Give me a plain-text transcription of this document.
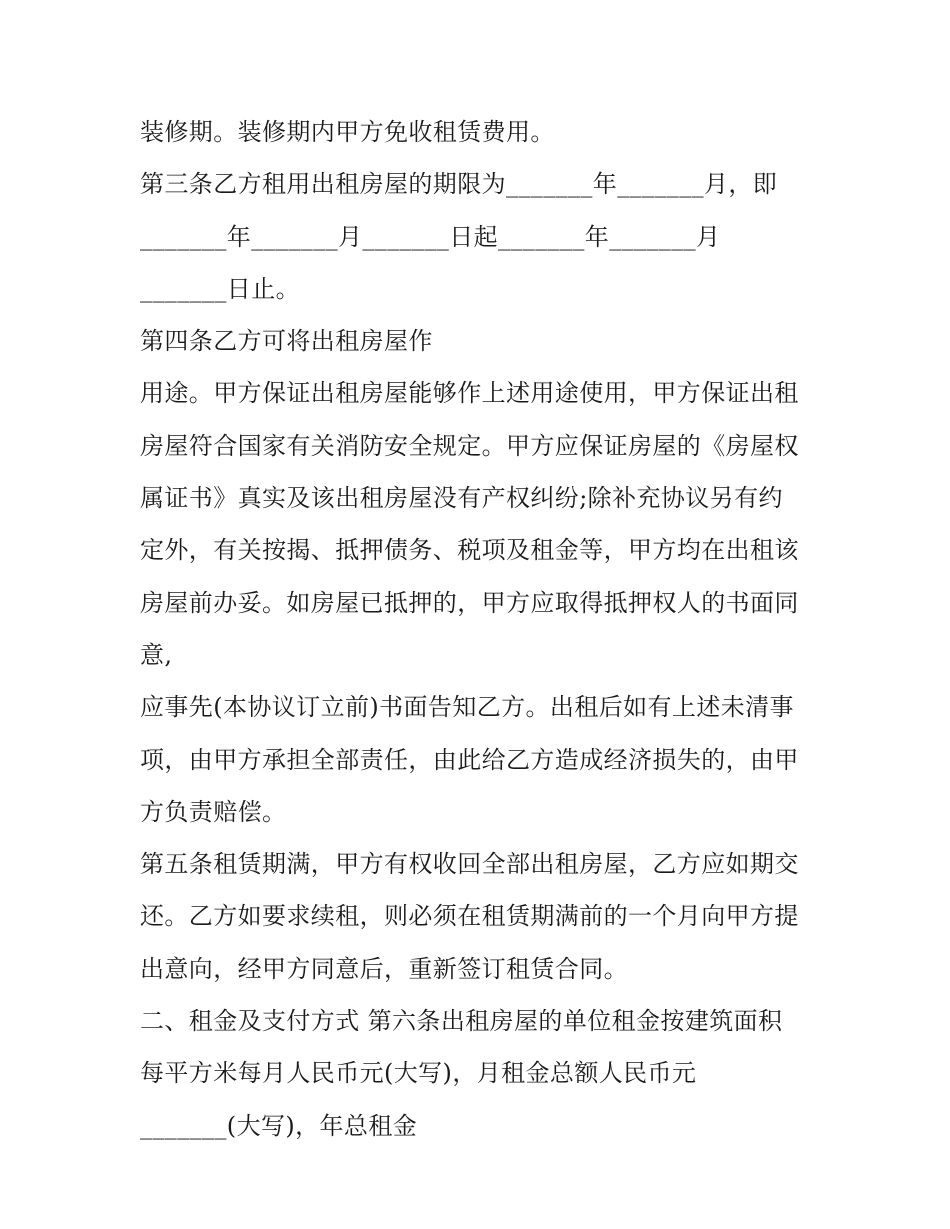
装修期。装修期内甲方免收租赁费用。
第三条乙方租用出租房屋的期限为_______年_______月，即
_______年_______月_______日起_______年_______月
_______日止。
第四条乙方可将出租房屋作
用途。甲方保证出租房屋能够作上述用途使用，甲方保证出租
房屋符合国家有关消防安全规定。甲方应保证房屋的《房屋权
属证书》真实及该出租房屋没有产权纠纷;除补充协议另有约
定外，有关按揭、抵押债务、税项及租金等，甲方均在出租该
房屋前办妥。如房屋已抵押的，甲方应取得抵押权人的书面同
意,
应事先(本协议订立前)书面告知乙方。出租后如有上述未清事
项，由甲方承担全部责任，由此给乙方造成经济损失的，由甲
方负责赔偿。
第五条租赁期满，甲方有权收回全部出租房屋，乙方应如期交
还。乙方如要求续租，则必须在租赁期满前的一个月向甲方提
出意向，经甲方同意后，重新签订租赁合同。
二、租金及支付方式 第六条出租房屋的单位租金按建筑面积
每平方米每月人民币元(大写)，月租金总额人民币元
_______(大写)，年总租金
